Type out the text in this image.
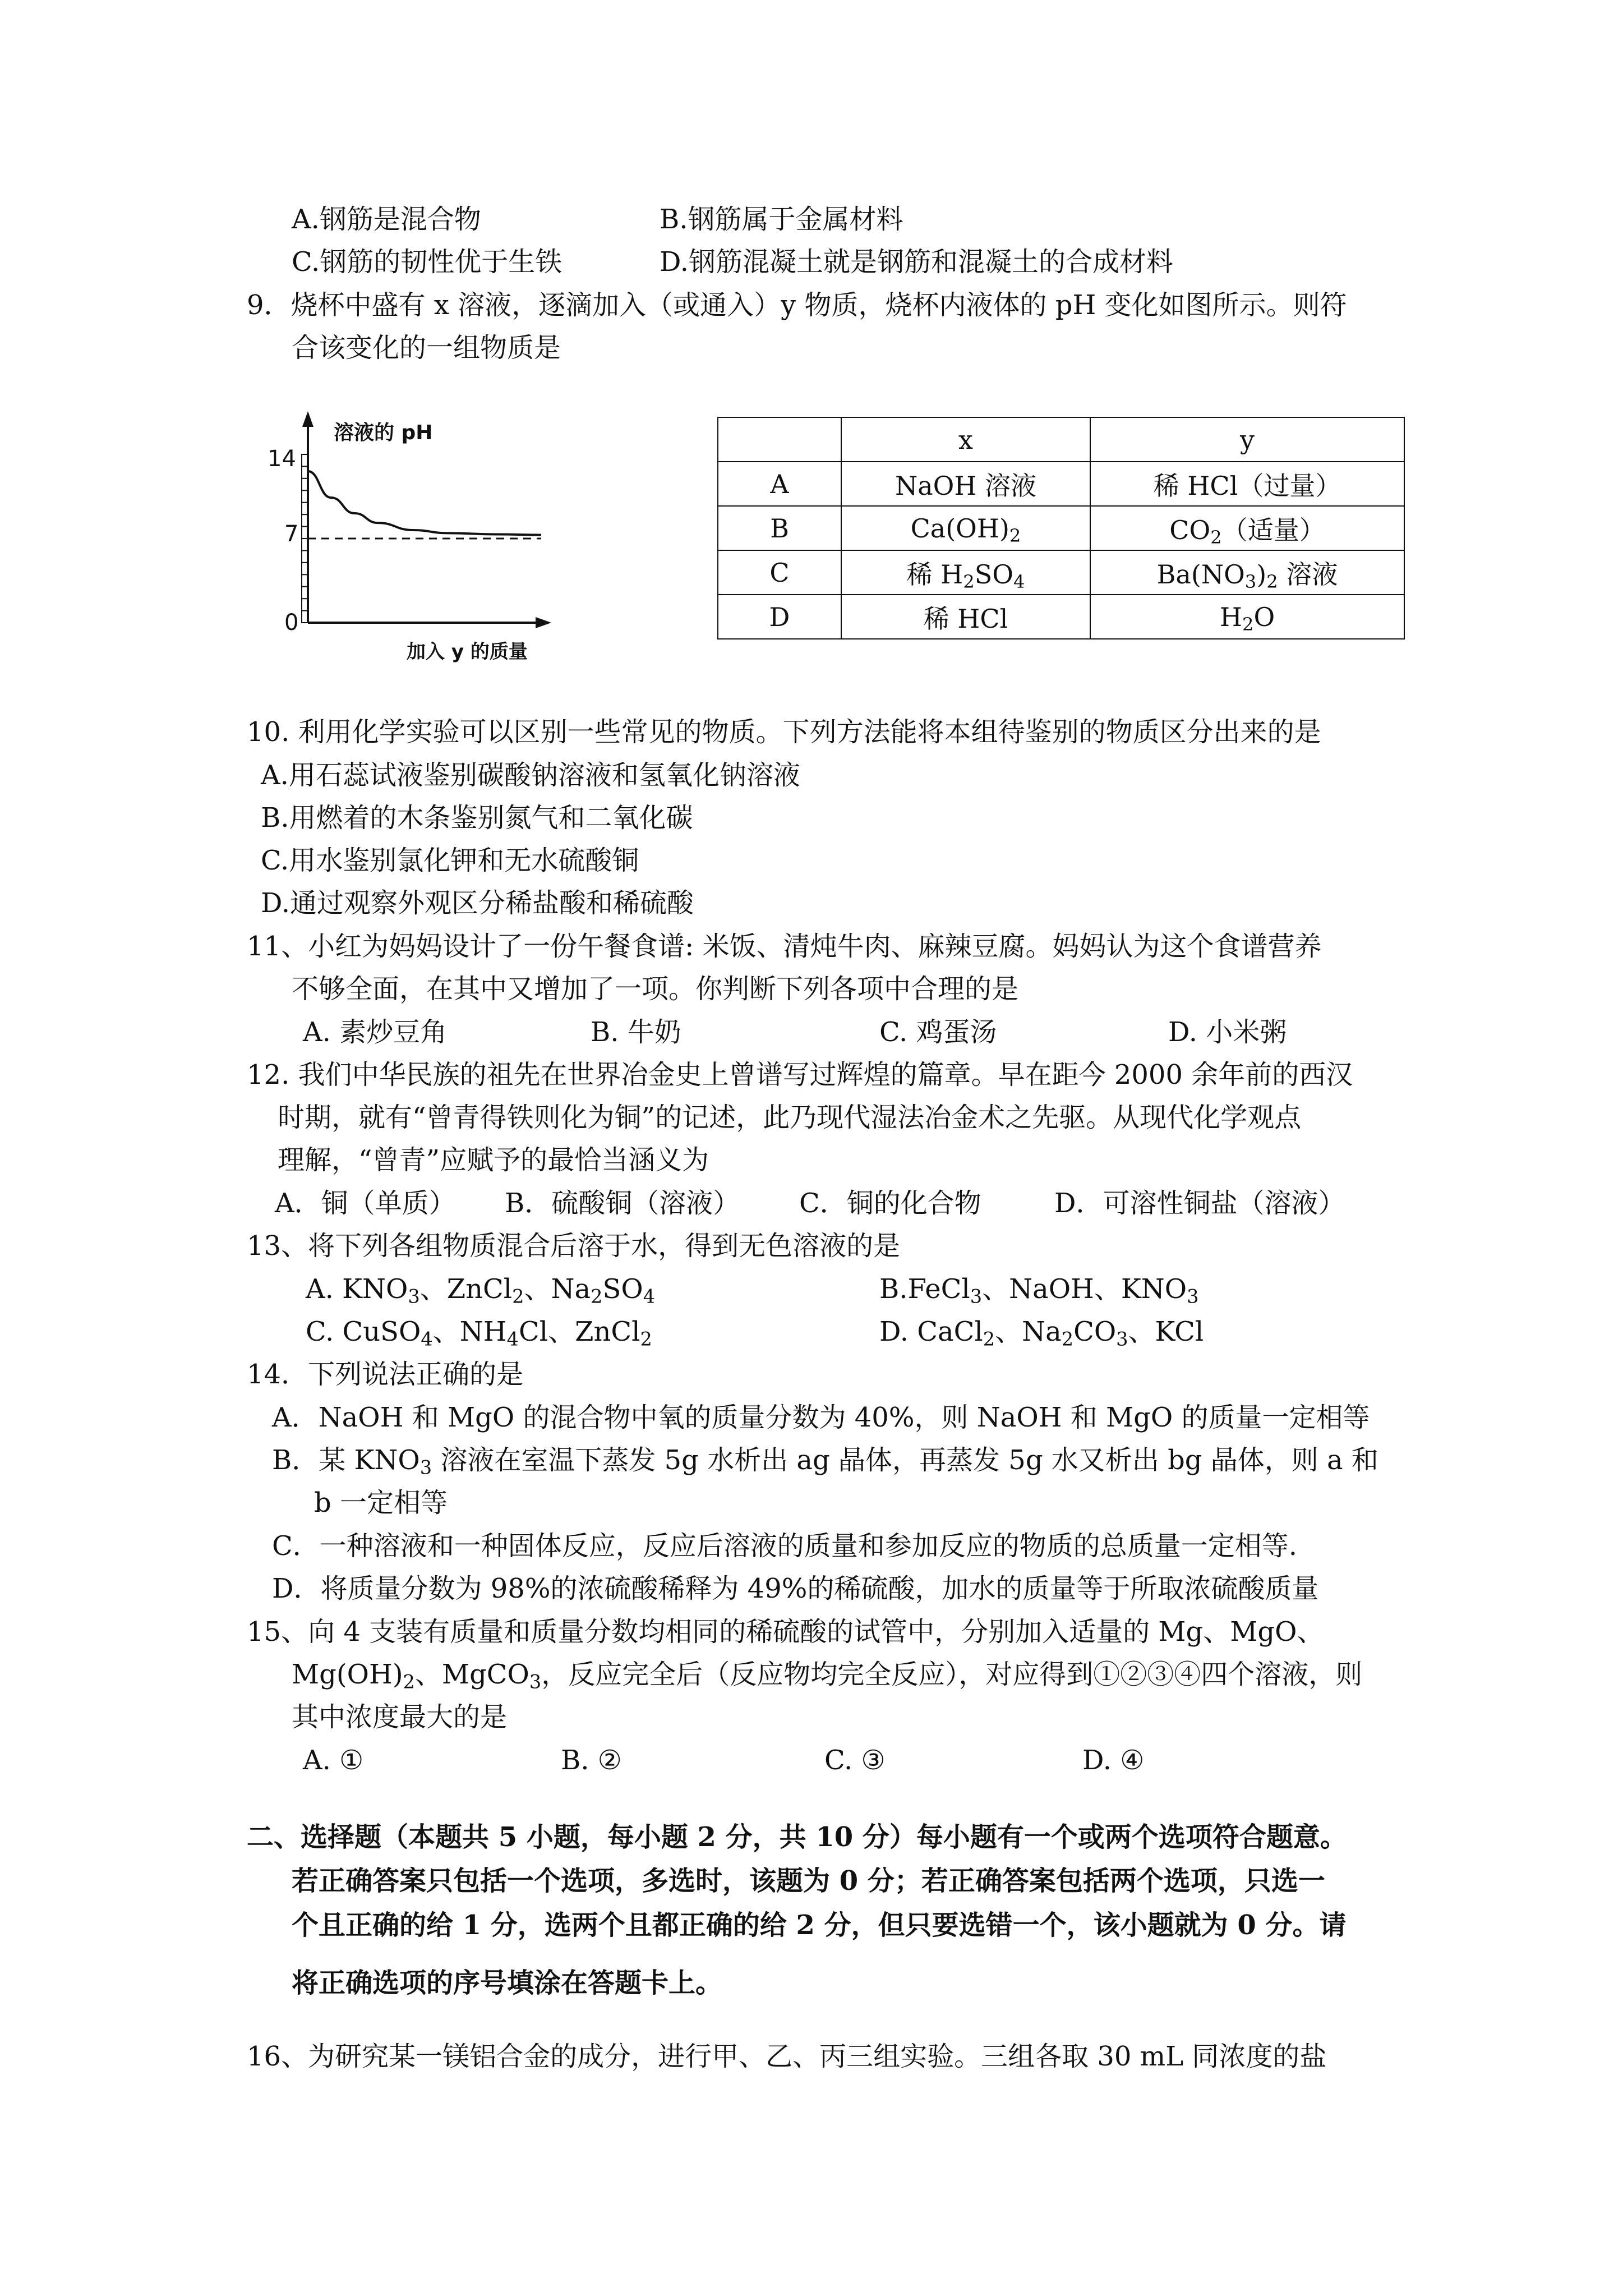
A.钢筋是混合物	B.钢筋属于金属材料
C.钢筋的韧性优于生铁	D.钢筋混凝土就是钢筋和混凝土的合成材料
9．烧杯中盛有 x 溶液，逐滴加入（或通入）y 物质，烧杯内液体的 pH 变化如图所示。则符
合该变化的一组物质是
溶液的 pH
14
7
0
加入 y 的质量
	x	y
A	NaOH 溶液	稀 HCl（过量）
B	$Ca(OH)_2$	$CO_2$（适量）
C	稀 $H_2SO_4$	$Ba(NO_3)_2$ 溶液
D	稀 HCl	$H_2O$
10. 利用化学实验可以区别一些常见的物质。下列方法能将本组待鉴别的物质区分出来的是
A.用石蕊试液鉴别碳酸钠溶液和氢氧化钠溶液
B.用燃着的木条鉴别氮气和二氧化碳
C.用水鉴别氯化钾和无水硫酸铜
D.通过观察外观区分稀盐酸和稀硫酸
11、小红为妈妈设计了一份午餐食谱: 米饭、清炖牛肉、麻辣豆腐。妈妈认为这个食谱营养
不够全面，在其中又增加了一项。你判断下列各项中合理的是
A. 素炒豆角	B. 牛奶	C. 鸡蛋汤	D. 小米粥
12. 我们中华民族的祖先在世界冶金史上曾谱写过辉煌的篇章。早在距今 2000 余年前的西汉
时期，就有“曾青得铁则化为铜”的记述，此乃现代湿法冶金术之先驱。从现代化学观点
理解，“曾青”应赋予的最恰当涵义为
A．铜（单质） B．硫酸铜（溶液） C．铜的化合物	D．可溶性铜盐（溶液）
13、将下列各组物质混合后溶于水，得到无色溶液的是
A. $KNO_3$、ZnCl$_2$、$Na_2SO_4$	B.FeCl$_3$、NaOH、$KNO_3$
C. CuSO$_4$、$NH_4Cl$、ZnCl$_2$	D. CaCl$_2$、$Na_2CO_3$、KCl
14．下列说法正确的是
A．NaOH 和 MgO 的混合物中氧的质量分数为 40%，则 NaOH 和 MgO 的质量一定相等
B．某 $KNO_3$ 溶液在室温下蒸发 5g 水析出 ag 晶体，再蒸发 5g 水又析出 bg 晶体，则 a 和
b 一定相等
C．一种溶液和一种固体反应，反应后溶液的质量和参加反应的物质的总质量一定相等.
D．将质量分数为 98%的浓硫酸稀释为 49%的稀硫酸，加水的质量等于所取浓硫酸质量
15、向 4 支装有质量和质量分数均相同的稀硫酸的试管中，分别加入适量的 Mg、MgO、
$Mg(OH)_2$、MgCO$_3$，反应完全后（反应物均完全反应），对应得到①②③④四个溶液，则
其中浓度最大的是
A. ①	B. ②	C. ③	D. ④
二、选择题（本题共 5 小题，每小题 2 分，共 10 分）每小题有一个或两个选项符合题意。
若正确答案只包括一个选项，多选时，该题为 0 分；若正确答案包括两个选项，只选一
个且正确的给 1 分，选两个且都正确的给 2 分，但只要选错一个，该小题就为 0 分。请
将正确选项的序号填涂在答题卡上。
16、为研究某一镁铝合金的成分，进行甲、乙、丙三组实验。三组各取 30 mL 同浓度的盐
